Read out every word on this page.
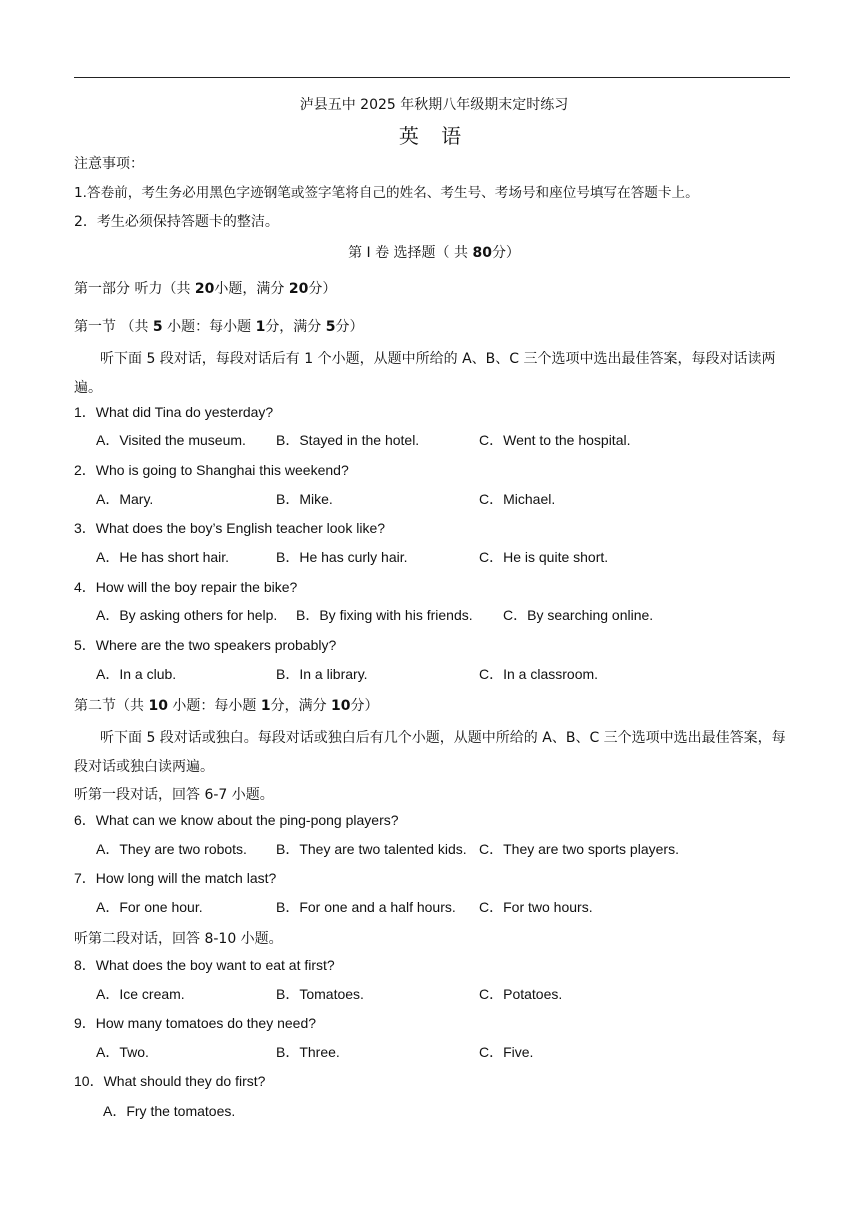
泸县五中 2025 年秋期八年级期末定时练习
英 语
注意事项：
1.答卷前，考生务必用黑色字迹钢笔或签字笔将自己的姓名、考生号、考场号和座位号填写在答题卡上。
2．考生必须保持答题卡的整洁。
第 I 卷 选择题（ 共 80分）
第一部分 听力（共 20小题，满分 20分）
第一节 （共 5 小题：每小题 1分，满分 5分）
听下面 5 段对话，每段对话后有 1 个小题，从题中所给的 A、B、C 三个选项中选出最佳答案，每段对话读两遍。
1．What did Tina do yesterday?
A．Visited the museum. B．Stayed in the hotel.	C．Went to the hospital.
2．Who is going to Shanghai this weekend?
A．Mary.	B．Mike.	C．Michael.
3．What does the boy’s English teacher look like?
A．He has short hair.	B．He has curly hair.	C．He is quite short.
4．How will the boy repair the bike?
A．By asking others for help. B．By fixing with his friends. C．By searching online.
5．Where are the two speakers probably?
A．In a club.	B．In a library.	C．In a classroom.
第二节（共 10 小题：每小题 1分，满分 10分）
听下面 5 段对话或独白。每段对话或独白后有几个小题，从题中所给的 A、B、C 三个选项中选出最佳答案，每段对话或独白读两遍。
听第一段对话，回答 6-7 小题。
6．What can we know about the ping-pong players?
A．They are two robots. B．They are two talented kids. C．They are two sports players.
7．How long will the match last?
A．For one hour.	B．For one and a half hours. C．For two hours.
听第二段对话，回答 8-10 小题。
8．What does the boy want to eat at first?
A．Ice cream.	B．Tomatoes.	C．Potatoes.
9．How many tomatoes do they need?
A．Two.	B．Three.	C．Five.
10．What should they do first?
A．Fry the tomatoes.
